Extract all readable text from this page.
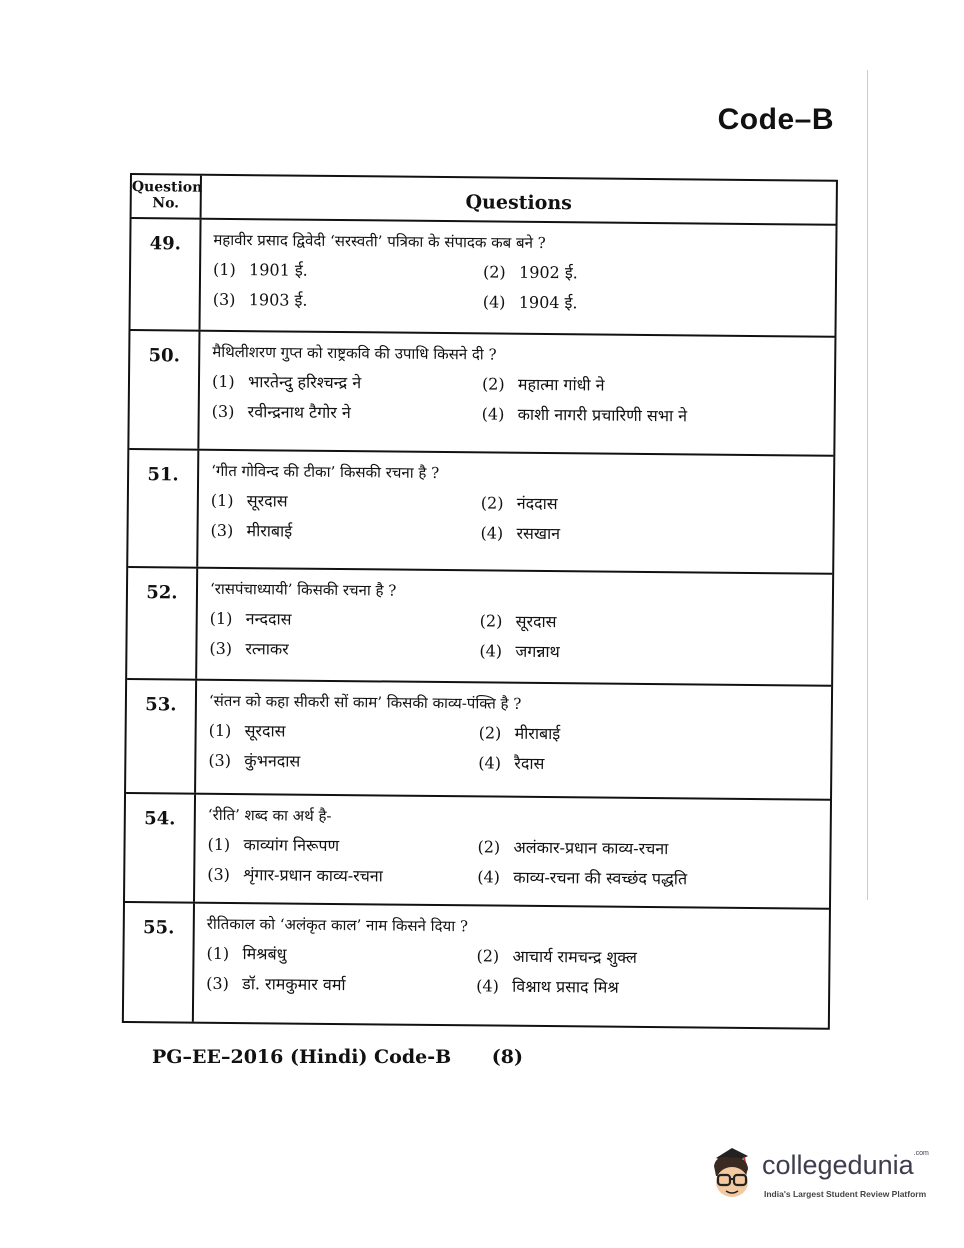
Code–B
Question No.	Questions
49.	महावीर प्रसाद द्विवेदी ‘सरस्वती’ पत्रिका के संपादक कब बने ?
(1) 1901 ई.	(2) 1902 ई.
(3) 1903 ई.	(4) 1904 ई.
50.	मैथिलीशरण गुप्त को राष्ट्रकवि की उपाधि किसने दी ?
(1) भारतेन्दु हरिश्चन्द्र ने	(2) महात्मा गांधी ने
(3) रवीन्द्रनाथ टैगोर ने	(4) काशी नागरी प्रचारिणी सभा ने
51.	‘गीत गोविन्द की टीका’ किसकी रचना है ?
(1) सूरदास	(2) नंददास
(3) मीराबाई	(4) रसखान
52.	‘रासपंचाध्यायी’ किसकी रचना है ?
(1) नन्ददास	(2) सूरदास
(3) रत्नाकर	(4) जगन्नाथ
53.	‘संतन को कहा सीकरी सों काम’ किसकी काव्य-पंक्ति है ?
(1) सूरदास	(2) मीराबाई
(3) कुंभनदास	(4) रैदास
54.	‘रीति’ शब्द का अर्थ है-
(1) काव्यांग निरूपण	(2) अलंकार-प्रधान काव्य-रचना
(3) शृंगार-प्रधान काव्य-रचना	(4) काव्य-रचना की स्वच्छंद पद्धति
55.	रीतिकाल को ‘अलंकृत काल’ नाम किसने दिया ?
(1) मिश्रबंधु	(2) आचार्य रामचन्द्र शुक्ल
(3) डॉ. रामकुमार वर्मा	(4) विश्नाथ प्रसाद मिश्र
PG–EE–2016 (Hindi) Code-B (8)
collegedunia$^{.com}$
India's Largest Student Review Platform
